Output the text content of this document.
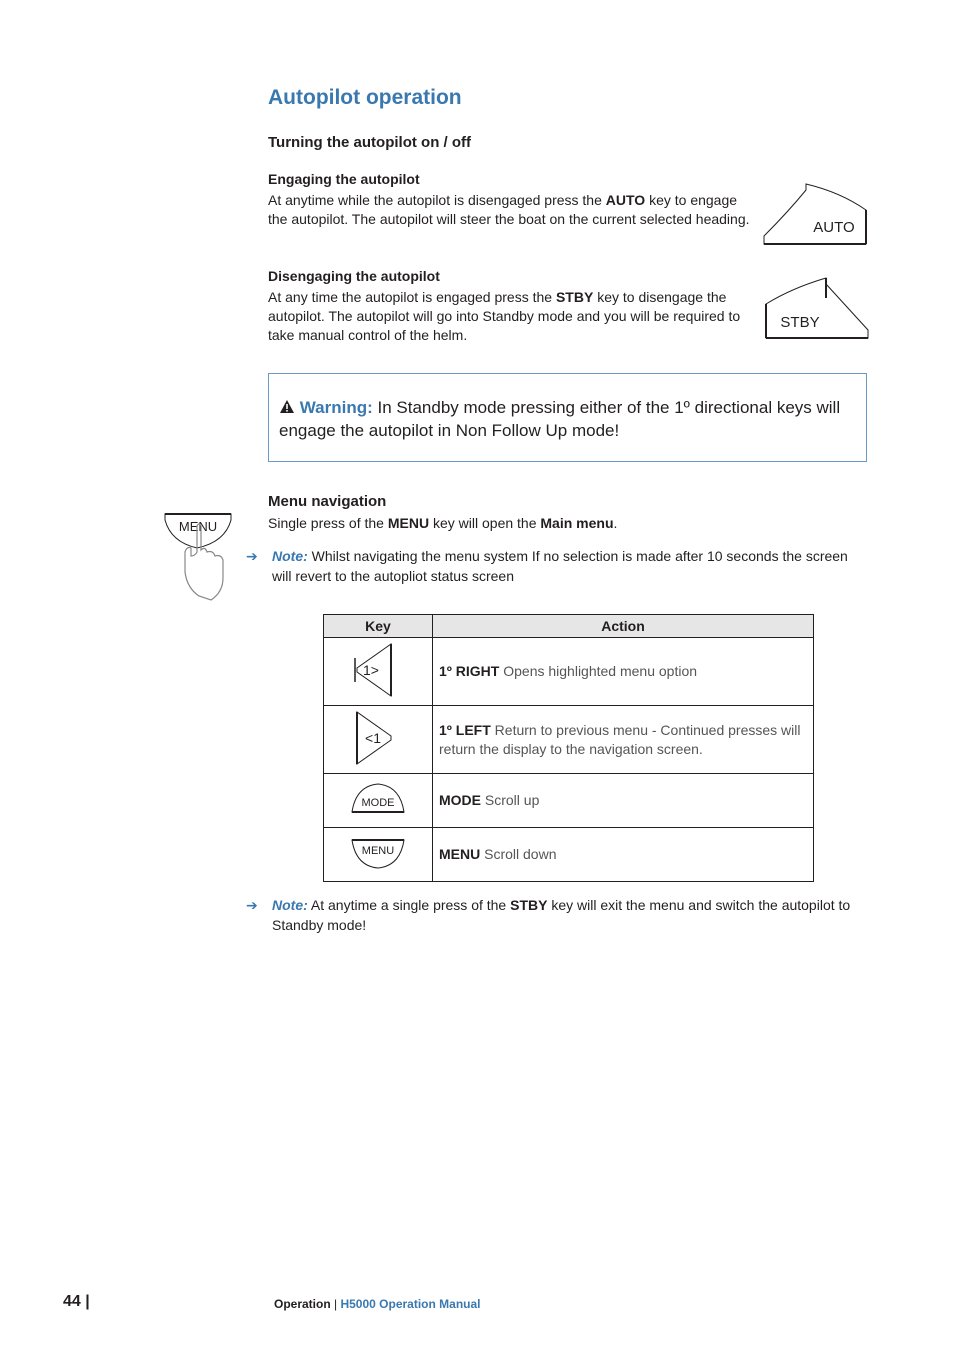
Autopilot operation
Turning the autopilot on / off
Engaging the autopilot
At anytime while the autopilot is disengaged press the AUTO key to engage the autopilot. The autopilot will steer the boat on the current selected heading.	AUTO
Disengaging the autopilot
At any time the autopilot is engaged press the STBY key to disengage the autopilot. The autopilot will go into Standby mode and you will be required to take manual control of the helm.
STBY
Warning: In Standby mode pressing either of the 1º directional keys will engage the autopilot in Non Follow Up mode!
MENU
Menu navigation
Single press of the MENU key will open the Main menu.
➔ Note: Whilst navigating the menu system If no selection is made after 10 seconds the screen will revert to the autopliot status screen
Key	Action

1>	1º RIGHT Opens highlighted menu option

<1	1º LEFT Return to previous menu - Continued presses will return the display to the navigation screen.

MODE	MODE Scroll up

MENU	MENU Scroll down
➔ Note: At anytime a single press of the STBY key will exit the menu and switch the autopilot to Standby mode!
44 |	Operation | H5000 Operation Manual
